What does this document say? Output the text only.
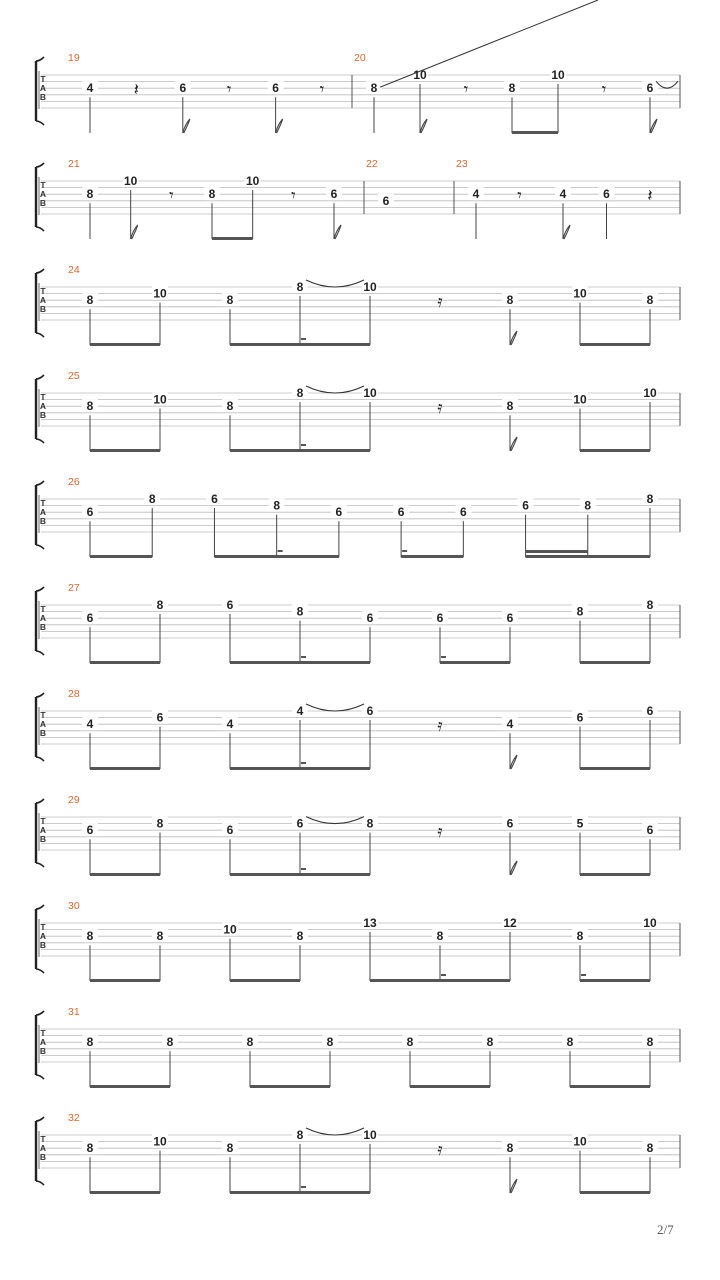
T
A
B
19
4 𝄽	6 𝄾	6 𝄾
20
8
10
𝄾	8
10
𝄾	6
T
A
B
21
8
10
𝄾	8
10
𝄾	6
22
6
23
4 𝄾	4	6 𝄽
T
A
B
24
8	10	8
8	10
𝄿	8	10	8
T
A
B
25
8	10	8
8	10
𝄿	8	10	10
T
A
B
26
6
8	6	8	6	6	6	6	8	8
T
A
B
27
6
8	6	8	6	6	6	8	8
T
A
B
28
4	6	4
4	6
𝄿	4	6	6
T
A
B
29
6	8	6	6	8	𝄿	6	5	6
T
A
B
30
8	8	10	8
13
8
12
8
10
T
A
B
31
8	8	8	8	8	8	8	8
T
A
B
32
8	10	8
8	10
𝄿	8	10	8
2/7
